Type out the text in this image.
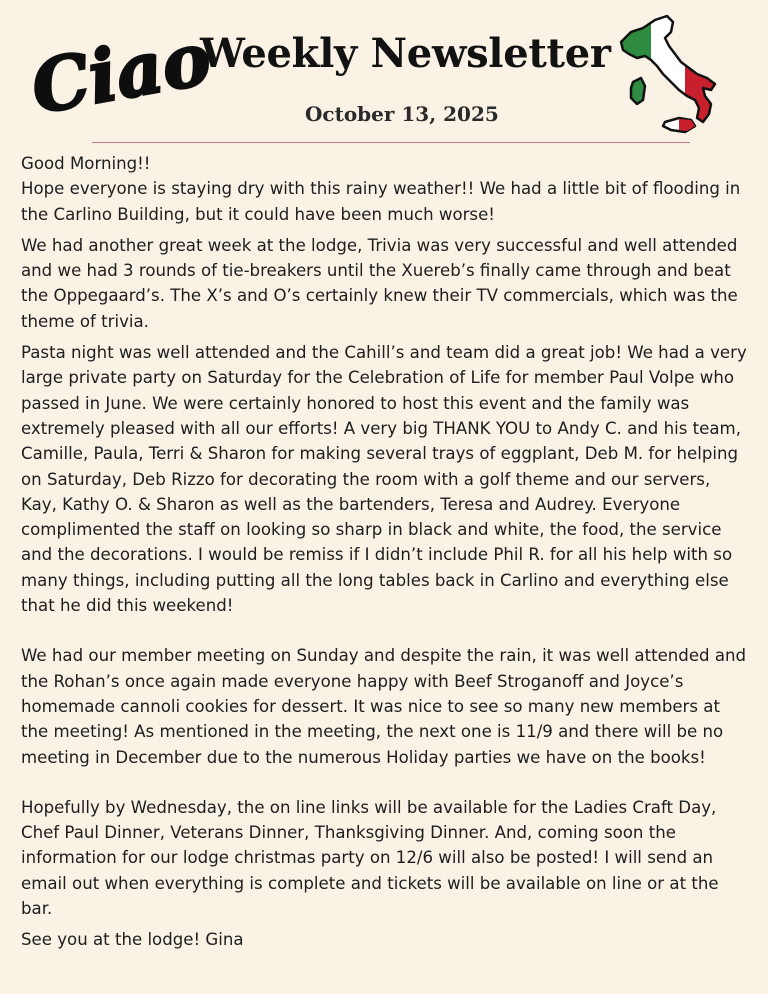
Ciao
Weekly Newsletter
October 13, 2025

Good Morning!!
Hope everyone is staying dry with this rainy weather!! We had a little bit of flooding in the Carlino Building, but it could have been much worse!

We had another great week at the lodge, Trivia was very successful and well attended and we had 3 rounds of tie-breakers until the Xuereb’s finally came through and beat the Oppegaard’s. The X’s and O’s certainly knew their TV commercials, which was the theme of trivia.

Pasta night was well attended and the Cahill’s and team did a great job! We had a very large private party on Saturday for the Celebration of Life for member Paul Volpe who passed in June. We were certainly honored to host this event and the family was extremely pleased with all our efforts! A very big THANK YOU to Andy C. and his team, Camille, Paula, Terri & Sharon for making several trays of eggplant, Deb M. for helping on Saturday, Deb Rizzo for decorating the room with a golf theme and our servers, Kay, Kathy O. & Sharon as well as the bartenders, Teresa and Audrey. Everyone complimented the staff on looking so sharp in black and white, the food, the service and the decorations. I would be remiss if I didn’t include Phil R. for all his help with so many things, including putting all the long tables back in Carlino and everything else that he did this weekend!

We had our member meeting on Sunday and despite the rain, it was well attended and the Rohan’s once again made everyone happy with Beef Stroganoff and Joyce’s homemade cannoli cookies for dessert. It was nice to see so many new members at the meeting! As mentioned in the meeting, the next one is 11/9 and there will be no meeting in December due to the numerous Holiday parties we have on the books!

Hopefully by Wednesday, the on line links will be available for the Ladies Craft Day, Chef Paul Dinner, Veterans Dinner, Thanksgiving Dinner. And, coming soon the information for our lodge christmas party on 12/6 will also be posted! I will send an email out when everything is complete and tickets will be available on line or at the bar.

See you at the lodge! Gina
